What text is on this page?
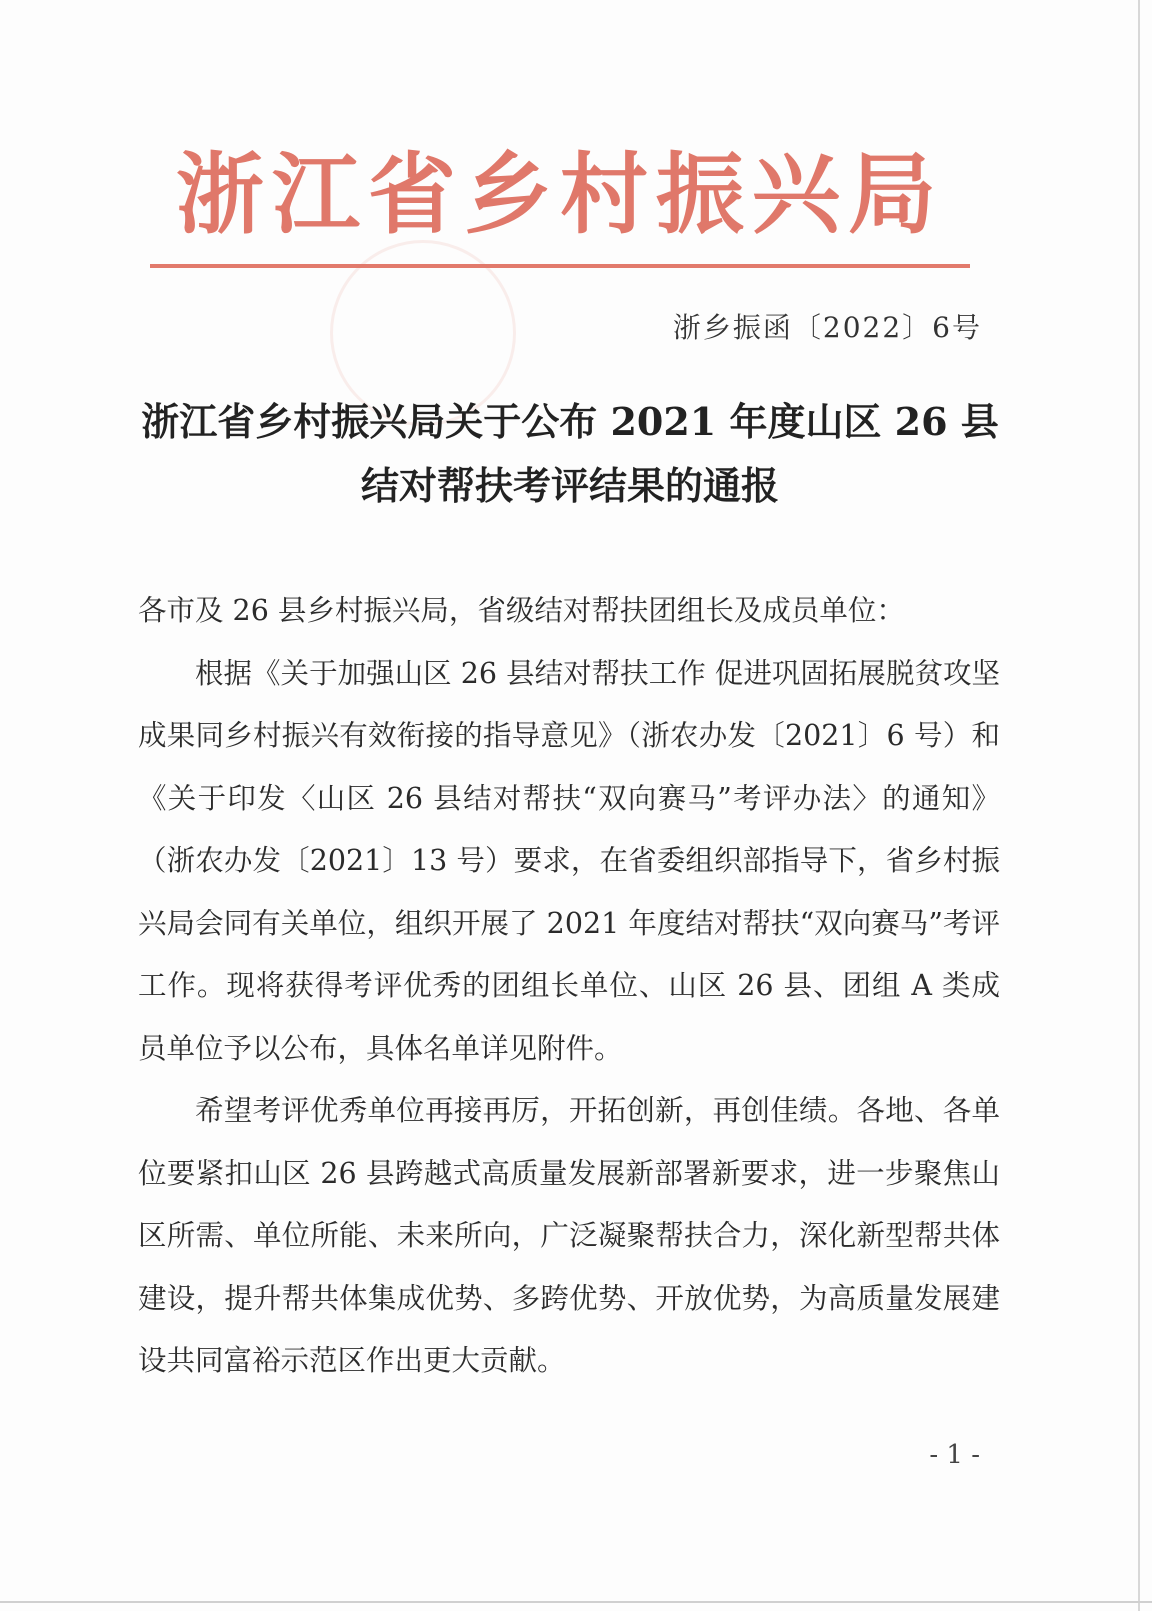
浙江省乡村振兴局
浙乡振函〔2022〕6号
浙江省乡村振兴局关于公布 2021 年度山区 26 县
结对帮扶考评结果的通报

各市及 26 县乡村振兴局，省级结对帮扶团组长及成员单位：

根据《关于加强山区 26 县结对帮扶工作 促进巩固拓展脱贫攻坚成果同乡村振兴有效衔接的指导意见》（浙农办发〔2021〕6 号）和《关于印发〈山区 26 县结对帮扶“双向赛马”考评办法〉的通知》（浙农办发〔2021〕13 号）要求，在省委组织部指导下，省乡村振兴局会同有关单位，组织开展了 2021 年度结对帮扶“双向赛马”考评工作。现将获得考评优秀的团组长单位、山区 26 县、团组 A 类成员单位予以公布，具体名单详见附件。

希望考评优秀单位再接再厉，开拓创新，再创佳绩。各地、各单位要紧扣山区 26 县跨越式高质量发展新部署新要求，进一步聚焦山区所需、单位所能、未来所向，广泛凝聚帮扶合力，深化新型帮共体建设，提升帮共体集成优势、多跨优势、开放优势，为高质量发展建设共同富裕示范区作出更大贡献。

- 1 -
